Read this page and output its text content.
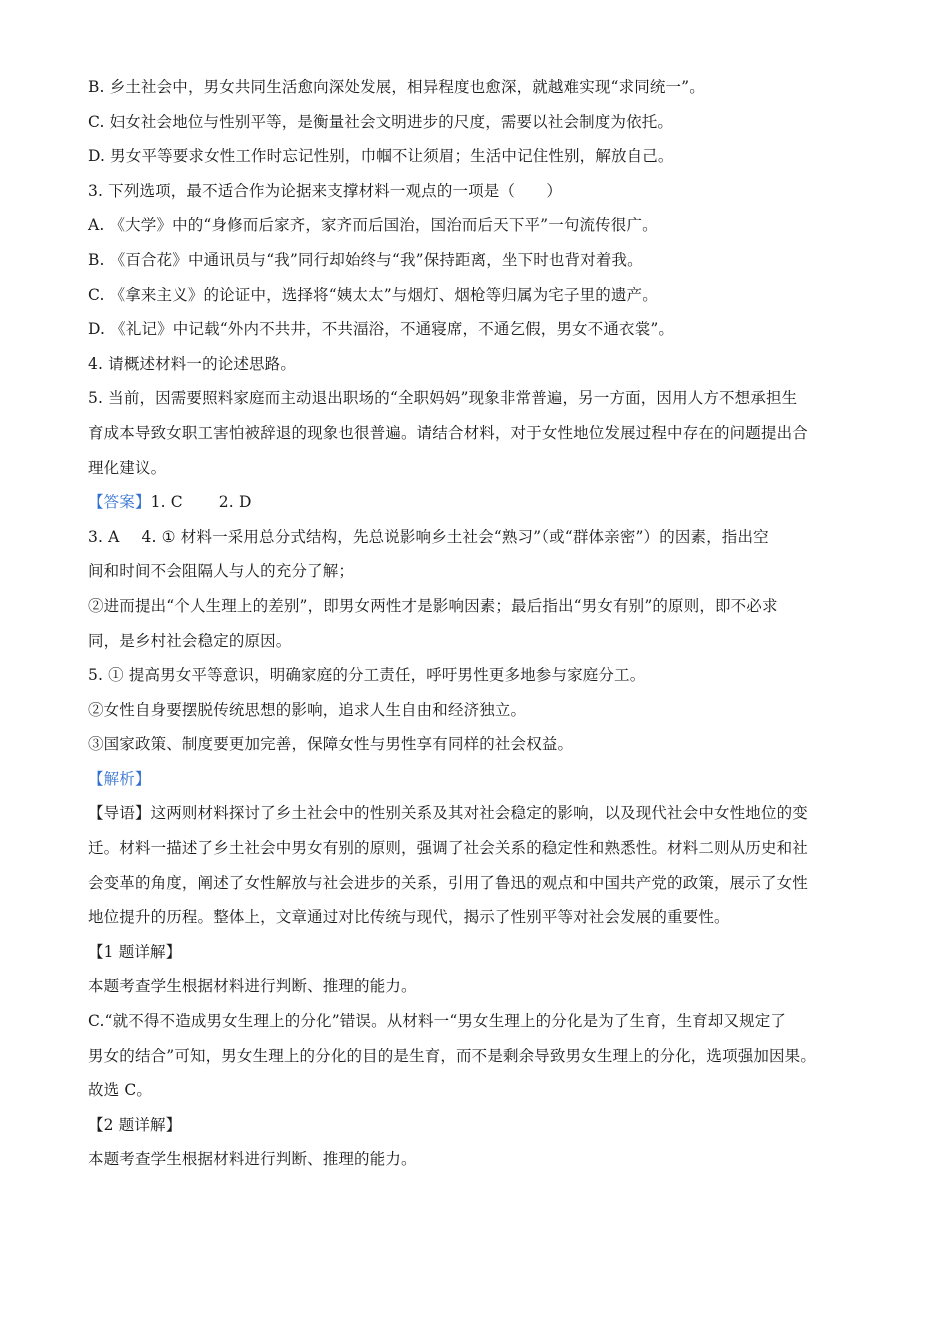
B. 乡土社会中，男女共同生活愈向深处发展，相异程度也愈深，就越难实现“求同统一”。
C. 妇女社会地位与性别平等，是衡量社会文明进步的尺度，需要以社会制度为依托。
D. 男女平等要求女性工作时忘记性别，巾帼不让须眉；生活中记住性别，解放自己。
3. 下列选项，最不适合作为论据来支撑材料一观点的一项是（　　）
A. 《大学》中的“身修而后家齐，家齐而后国治，国治而后天下平”一句流传很广。
B. 《百合花》中通讯员与“我”同行却始终与“我”保持距离，坐下时也背对着我。
C. 《拿来主义》的论证中，选择将“姨太太”与烟灯、烟枪等归属为宅子里的遗产。
D. 《礼记》中记载“外内不共井，不共湢浴，不通寝席，不通乞假，男女不通衣裳”。
4. 请概述材料一的论述思路。
5. 当前，因需要照料家庭而主动退出职场的“全职妈妈”现象非常普遍，另一方面，因用人方不想承担生
育成本导致女职工害怕被辞退的现象也很普遍。请结合材料，对于女性地位发展过程中存在的问题提出合
理化建议。
【答案】1. C 2. D
3. A 4. ① 材料一采用总分式结构，先总说影响乡土社会“熟习”（或“群体亲密”）的因素，指出空
间和时间不会阻隔人与人的充分了解；
②进而提出“个人生理上的差别”，即男女两性才是影响因素；最后指出“男女有别”的原则，即不必求
同，是乡村社会稳定的原因。
5. ① 提高男女平等意识，明确家庭的分工责任，呼吁男性更多地参与家庭分工。
②女性自身要摆脱传统思想的影响，追求人生自由和经济独立。
③国家政策、制度要更加完善，保障女性与男性享有同样的社会权益。
【解析】
【导语】这两则材料探讨了乡土社会中的性别关系及其对社会稳定的影响，以及现代社会中女性地位的变
迁。材料一描述了乡土社会中男女有别的原则，强调了社会关系的稳定性和熟悉性。材料二则从历史和社
会变革的角度，阐述了女性解放与社会进步的关系，引用了鲁迅的观点和中国共产党的政策，展示了女性
地位提升的历程。整体上，文章通过对比传统与现代，揭示了性别平等对社会发展的重要性。
【1 题详解】
本题考查学生根据材料进行判断、推理的能力。
C.“就不得不造成男女生理上的分化”错误。从材料一“男女生理上的分化是为了生育，生育却又规定了
男女的结合”可知，男女生理上的分化的目的是生育，而不是剩余导致男女生理上的分化，选项强加因果。
故选 C。
【2 题详解】
本题考查学生根据材料进行判断、推理的能力。
